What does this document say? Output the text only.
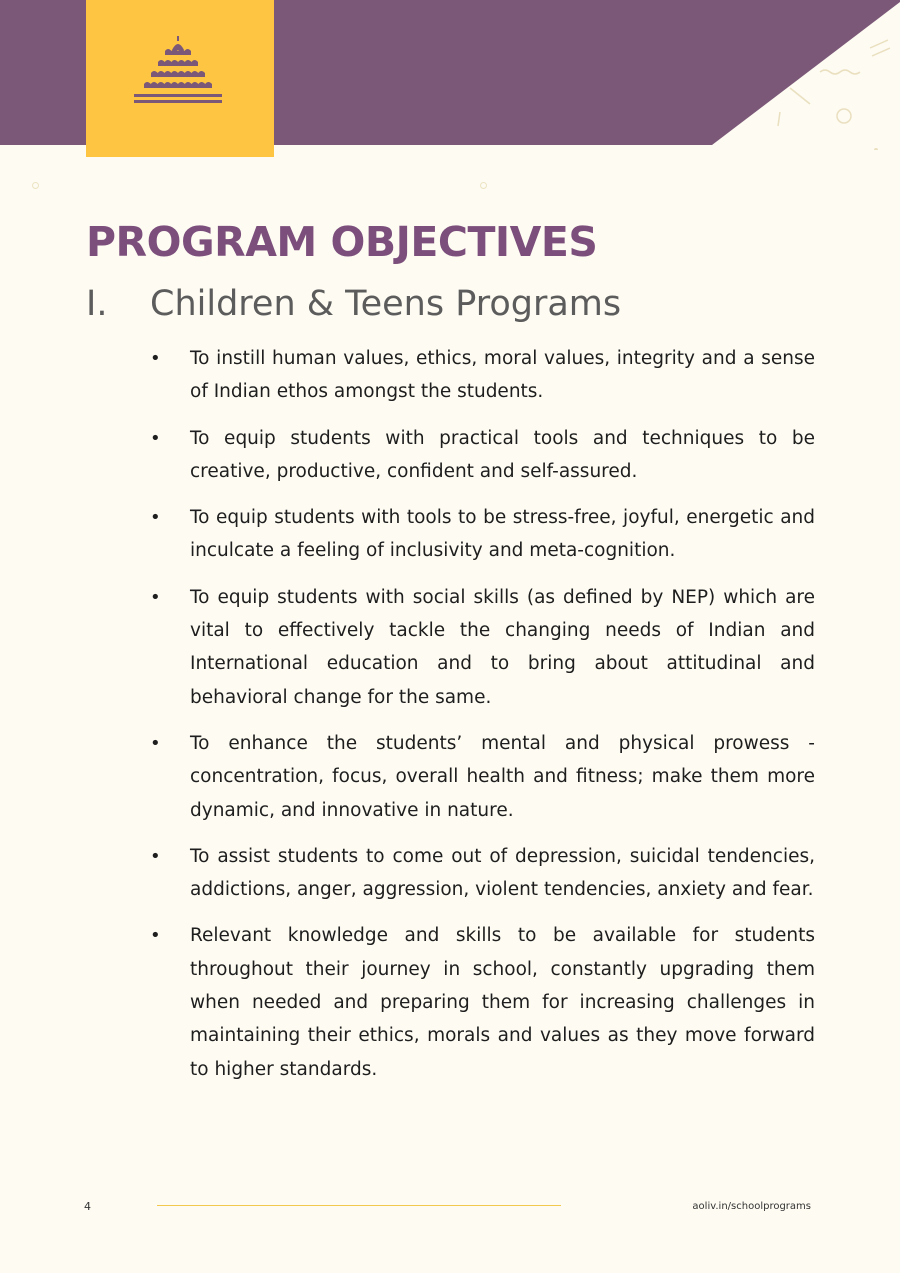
PROGRAM OBJECTIVES
I. Children & Teens Programs
• To instill human values, ethics, moral values, integrity and a sense of Indian ethos amongst the students.
• To equip students with practical tools and techniques to be creative, productive, confident and self-assured.
• To equip students with tools to be stress-free, joyful, energetic and inculcate a feeling of inclusivity and meta-cognition.
• To equip students with social skills (as defined by NEP) which are vital to effectively tackle the changing needs of Indian and International education and to bring about attitudinal and behavioral change for the same.
• To enhance the students’ mental and physical prowess - concentration, focus, overall health and fitness; make them more dynamic, and innovative in nature.
• To assist students to come out of depression, suicidal tendencies, addictions, anger, aggression, violent tendencies, anxiety and fear.
• Relevant knowledge and skills to be available for students throughout their journey in school, constantly upgrading them when needed and preparing them for increasing challenges in maintaining their ethics, morals and values as they move forward to higher standards.
4	aoliv.in/schoolprograms
